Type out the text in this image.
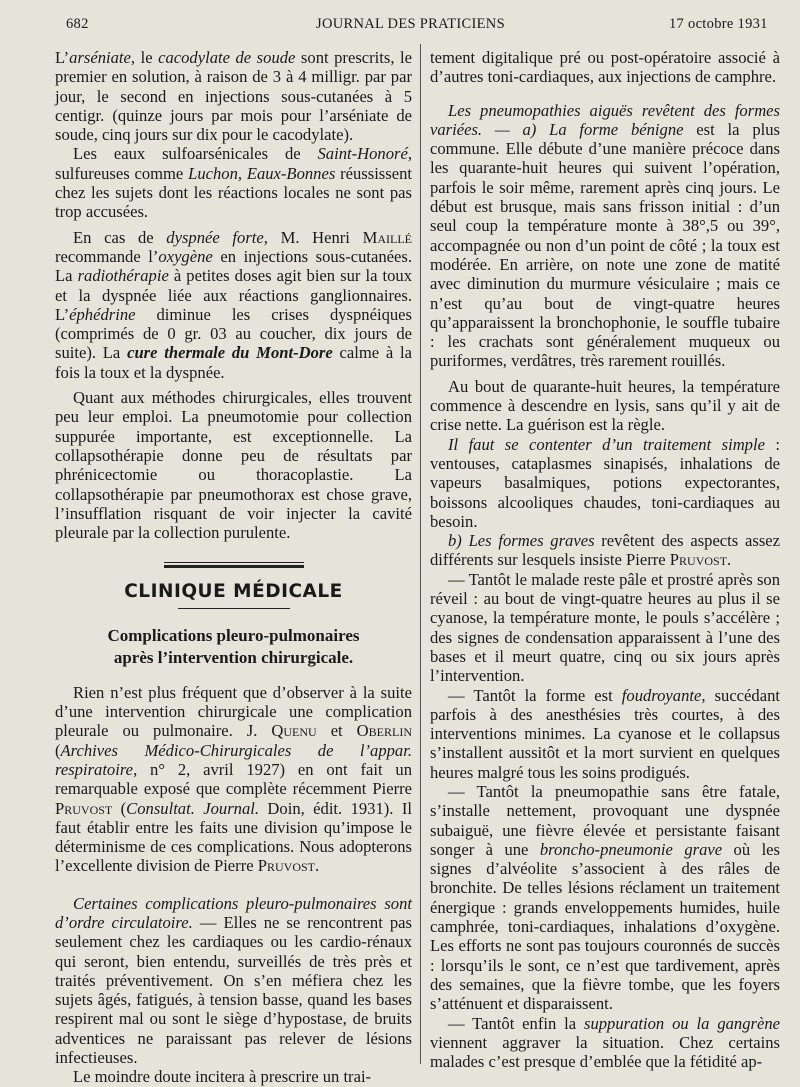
682	JOURNAL DES PRATICIENS	17 octobre 1931

L’arséniate, le cacodylate de soude sont prescrits, le premier en solution, à raison de 3 à 4 milligr. par par jour, le second en injections sous-cutanées à 5 centigr. (quinze jours par mois pour l’arséniate de soude, cinq jours sur dix pour le cacodylate).

Les eaux sulfoarsénicales de Saint-Honoré, sulfureuses comme Luchon, Eaux-Bonnes réussissent chez les sujets dont les réactions locales ne sont pas trop accusées.

En cas de dyspnée forte, M. Henri Maillé recommande l’oxygène en injections sous-cutanées. La radiothérapie à petites doses agit bien sur la toux et la dyspnée liée aux réactions ganglionnaires. L’éphédrine diminue les crises dyspnéiques (comprimés de 0 gr. 03 au coucher, dix jours de suite). La cure thermale du Mont-Dore calme à la fois la toux et la dyspnée.

Quant aux méthodes chirurgicales, elles trouvent peu leur emploi. La pneumotomie pour collection suppurée importante, est exceptionnelle. La collapsothérapie donne peu de résultats par phrénicectomie ou thoracoplastie. La collapsothérapie par pneumothorax est chose grave, l’insufflation risquant de voir injecter la cavité pleurale par la collection purulente.

CLINIQUE MÉDICALE
Complications pleuro-pulmonaires
après l’intervention chirurgicale.

Rien n’est plus fréquent que d’observer à la suite d’une intervention chirurgicale une complication pleurale ou pulmonaire. J. Quenu et Oberlin (Archives Médico-Chirurgicales de l’appar. respiratoire, n° 2, avril 1927) en ont fait un remarquable exposé que complète récemment Pierre Pruvost (Consultat. Journal. Doin, édit. 1931). Il faut établir entre les faits une division qu’impose le déterminisme de ces complications. Nous adopterons l’excellente division de Pierre Pruvost.

Certaines complications pleuro-pulmonaires sont d’ordre circulatoire. — Elles ne se rencontrent pas seulement chez les cardiaques ou les cardio-rénaux qui seront, bien entendu, surveillés de très près et traités préventivement. On s’en méfiera chez les sujets âgés, fatigués, à tension basse, quand les bases respirent mal ou sont le siège d’hypostase, de bruits adventices ne paraissant pas relever de lésions infectieuses.

Le moindre doute incitera à prescrire un trai-

tement digitalique pré ou post-opératoire associé à d’autres toni-cardiaques, aux injections de camphre.

Les pneumopathies aiguës revêtent des formes variées. — a) La forme bénigne est la plus commune. Elle débute d’une manière précoce dans les quarante-huit heures qui suivent l’opération, parfois le soir même, rarement après cinq jours. Le début est brusque, mais sans frisson initial : d’un seul coup la température monte à 38°,5 ou 39°, accompagnée ou non d’un point de côté ; la toux est modérée. En arrière, on note une zone de matité avec diminution du murmure vésiculaire ; mais ce n’est qu’au bout de vingt-quatre heures qu’apparaissent la bronchophonie, le souffle tubaire : les crachats sont généralement muqueux ou puriformes, verdâtres, très rarement rouillés.

Au bout de quarante-huit heures, la température commence à descendre en lysis, sans qu’il y ait de crise nette. La guérison est la règle.

Il faut se contenter d’un traitement simple : ventouses, cataplasmes sinapisés, inhalations de vapeurs basalmiques, potions expectorantes, boissons alcooliques chaudes, toni-cardiaques au besoin.

b) Les formes graves revêtent des aspects assez différents sur lesquels insiste Pierre Pruvost.

— Tantôt le malade reste pâle et prostré après son réveil : au bout de vingt-quatre heures au plus il se cyanose, la température monte, le pouls s’accélère ; des signes de condensation apparaissent à l’une des bases et il meurt quatre, cinq ou six jours après l’intervention.

— Tantôt la forme est foudroyante, succédant parfois à des anesthésies très courtes, à des interventions minimes. La cyanose et le collapsus s’installent aussitôt et la mort survient en quelques heures malgré tous les soins prodigués.

— Tantôt la pneumopathie sans être fatale, s’installe nettement, provoquant une dyspnée subaiguë, une fièvre élevée et persistante faisant songer à une broncho-pneumonie grave où les signes d’alvéolite s’associent à des râles de bronchite. De telles lésions réclament un traitement énergique : grands enveloppements humides, huile camphrée, toni-cardiaques, inhalations d’oxygène. Les efforts ne sont pas toujours couronnés de succès : lorsqu’ils le sont, ce n’est que tardivement, après des semaines, que la fièvre tombe, que les foyers s’atténuent et disparaissent.

— Tantôt enfin la suppuration ou la gangrène viennent aggraver la situation. Chez certains malades c’est presque d’emblée que la fétidité ap-
